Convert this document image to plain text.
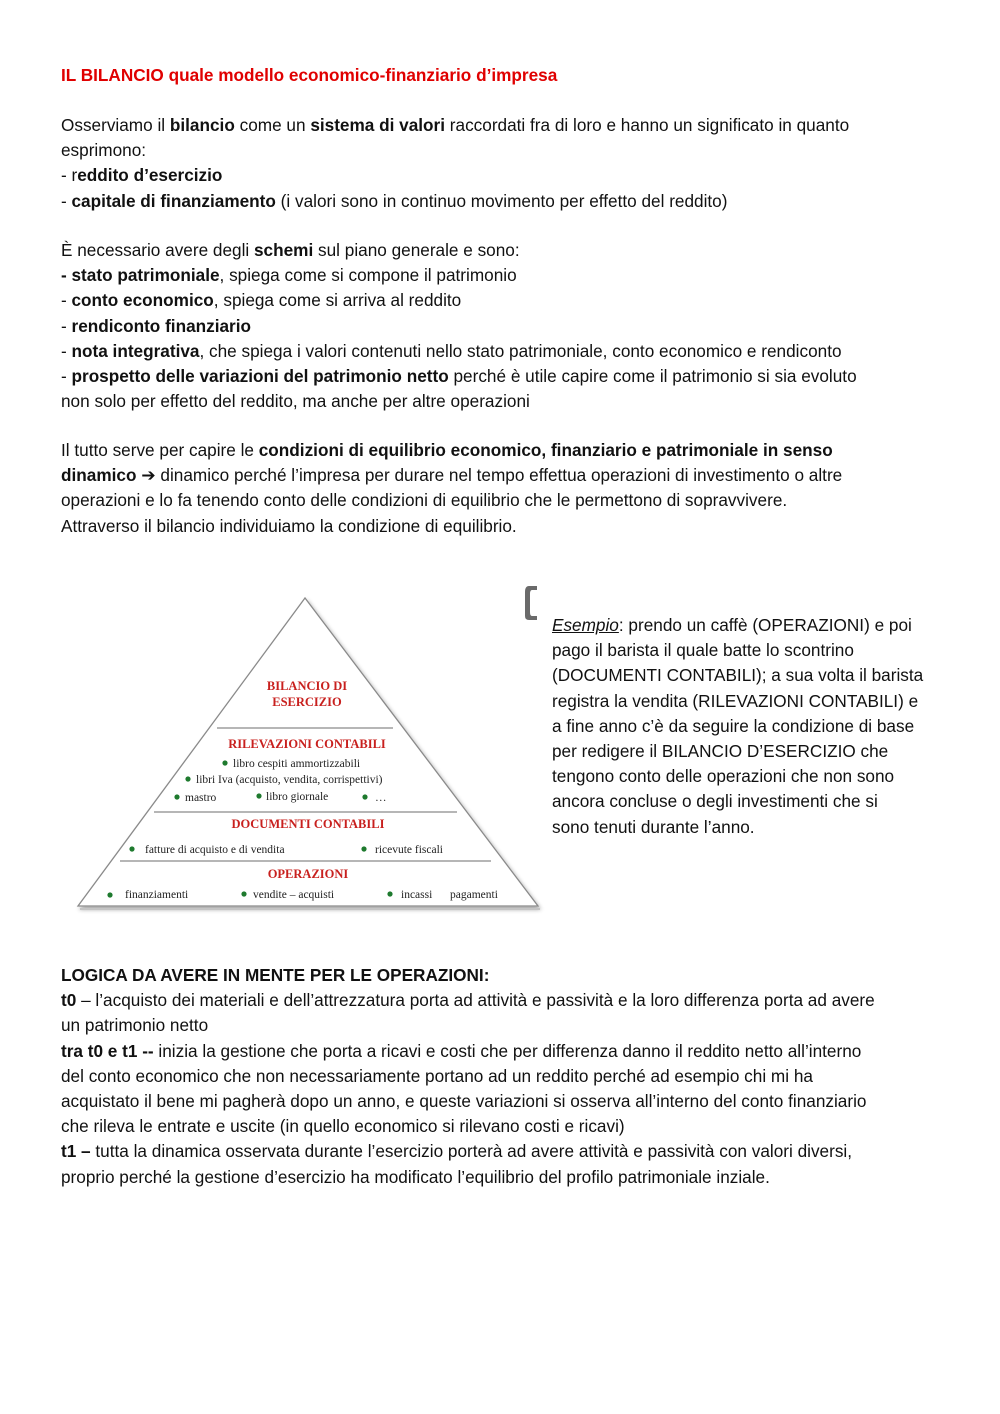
IL BILANCIO quale modello economico-finanziario d’impresa

Osserviamo il bilancio come un sistema di valori raccordati fra di loro e hanno un significato in quanto
esprimono:
- reddito d’esercizio
- capitale di finanziamento (i valori sono in continuo movimento per effetto del reddito)

È necessario avere degli schemi sul piano generale e sono:
- stato patrimoniale, spiega come si compone il patrimonio
- conto economico, spiega come si arriva al reddito
- rendiconto finanziario
- nota integrativa, che spiega i valori contenuti nello stato patrimoniale, conto economico e rendiconto
- prospetto delle variazioni del patrimonio netto perché è utile capire come il patrimonio si sia evoluto
non solo per effetto del reddito, ma anche per altre operazioni

Il tutto serve per capire le condizioni di equilibrio economico, finanziario e patrimoniale in senso
dinamico ➔ dinamico perché l’impresa per durare nel tempo effettua operazioni di investimento o altre
operazioni e lo fa tenendo conto delle condizioni di equilibrio che le permettono di sopravvivere.
Attraverso il bilancio individuiamo la condizione di equilibrio.

BILANCIO DI
ESERCIZIO
RILEVAZIONI CONTABILI
DOCUMENTI CONTABILI
OPERAZIONI
libro cespiti ammortizzabili
libri Iva (acquisto, vendita, corrispettivi)
mastro	libro giornale	…
fatture di acquisto e di vendita	ricevute fiscali
finanziamenti	vendite – acquisti	incassi pagamenti

Esempio: prendo un caffè (OPERAZIONI) e poi
pago il barista il quale batte lo scontrino
(DOCUMENTI CONTABILI); a sua volta il barista
registra la vendita (RILEVAZIONI CONTABILI) e
a fine anno c’è da seguire la condizione di base
per redigere il BILANCIO D’ESERCIZIO che
tengono conto delle operazioni che non sono
ancora concluse o degli investimenti che si
sono tenuti durante l’anno.

LOGICA DA AVERE IN MENTE PER LE OPERAZIONI:
t0 – l’acquisto dei materiali e dell’attrezzatura porta ad attività e passività e la loro differenza porta ad avere
un patrimonio netto
tra t0 e t1 -- inizia la gestione che porta a ricavi e costi che per differenza danno il reddito netto all’interno
del conto economico che non necessariamente portano ad un reddito perché ad esempio chi mi ha
acquistato il bene mi pagherà dopo un anno, e queste variazioni si osserva all’interno del conto finanziario
che rileva le entrate e uscite (in quello economico si rilevano costi e ricavi)
t1 – tutta la dinamica osservata durante l’esercizio porterà ad avere attività e passività con valori diversi,
proprio perché la gestione d’esercizio ha modificato l’equilibrio del profilo patrimoniale inziale.
